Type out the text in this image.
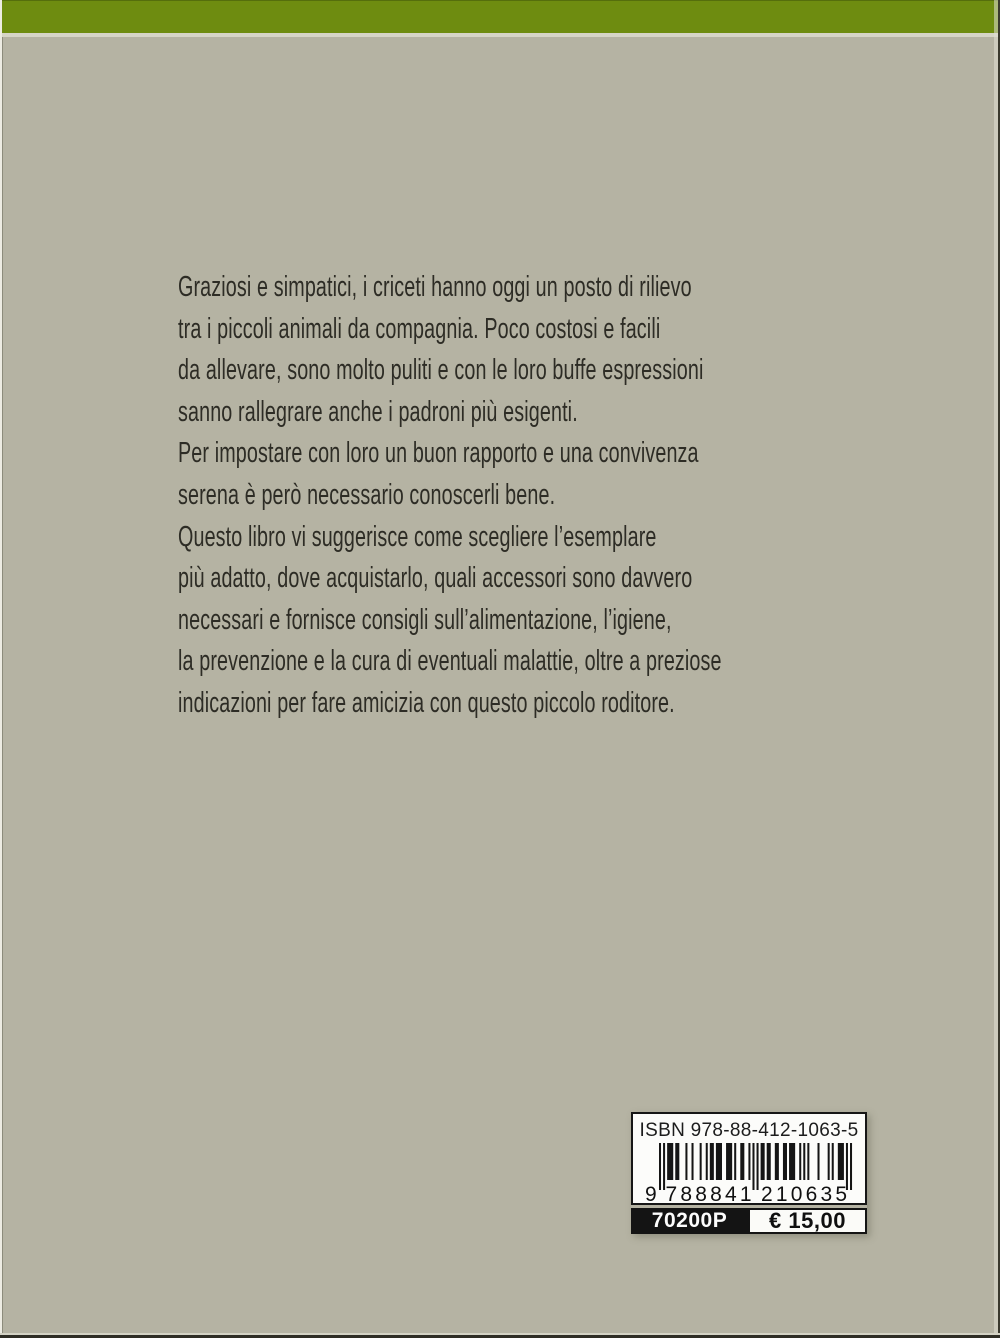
Graziosi e simpatici, i criceti hanno oggi un posto di rilievo
tra i piccoli animali da compagnia. Poco costosi e facili
da allevare, sono molto puliti e con le loro buffe espressioni
sanno rallegrare anche i padroni più esigenti.
Per impostare con loro un buon rapporto e una convivenza
serena è però necessario conoscerli bene.
Questo libro vi suggerisce come scegliere l’esemplare
più adatto, dove acquistarlo, quali accessori sono davvero
necessari e fornisce consigli sull’alimentazione, l’igiene,
la prevenzione e la cura di eventuali malattie, oltre a preziose
indicazioni per fare amicizia con questo piccolo roditore.
ISBN 978-88-412-1063-5
9 788841 210635
70200P	€ 15,00
